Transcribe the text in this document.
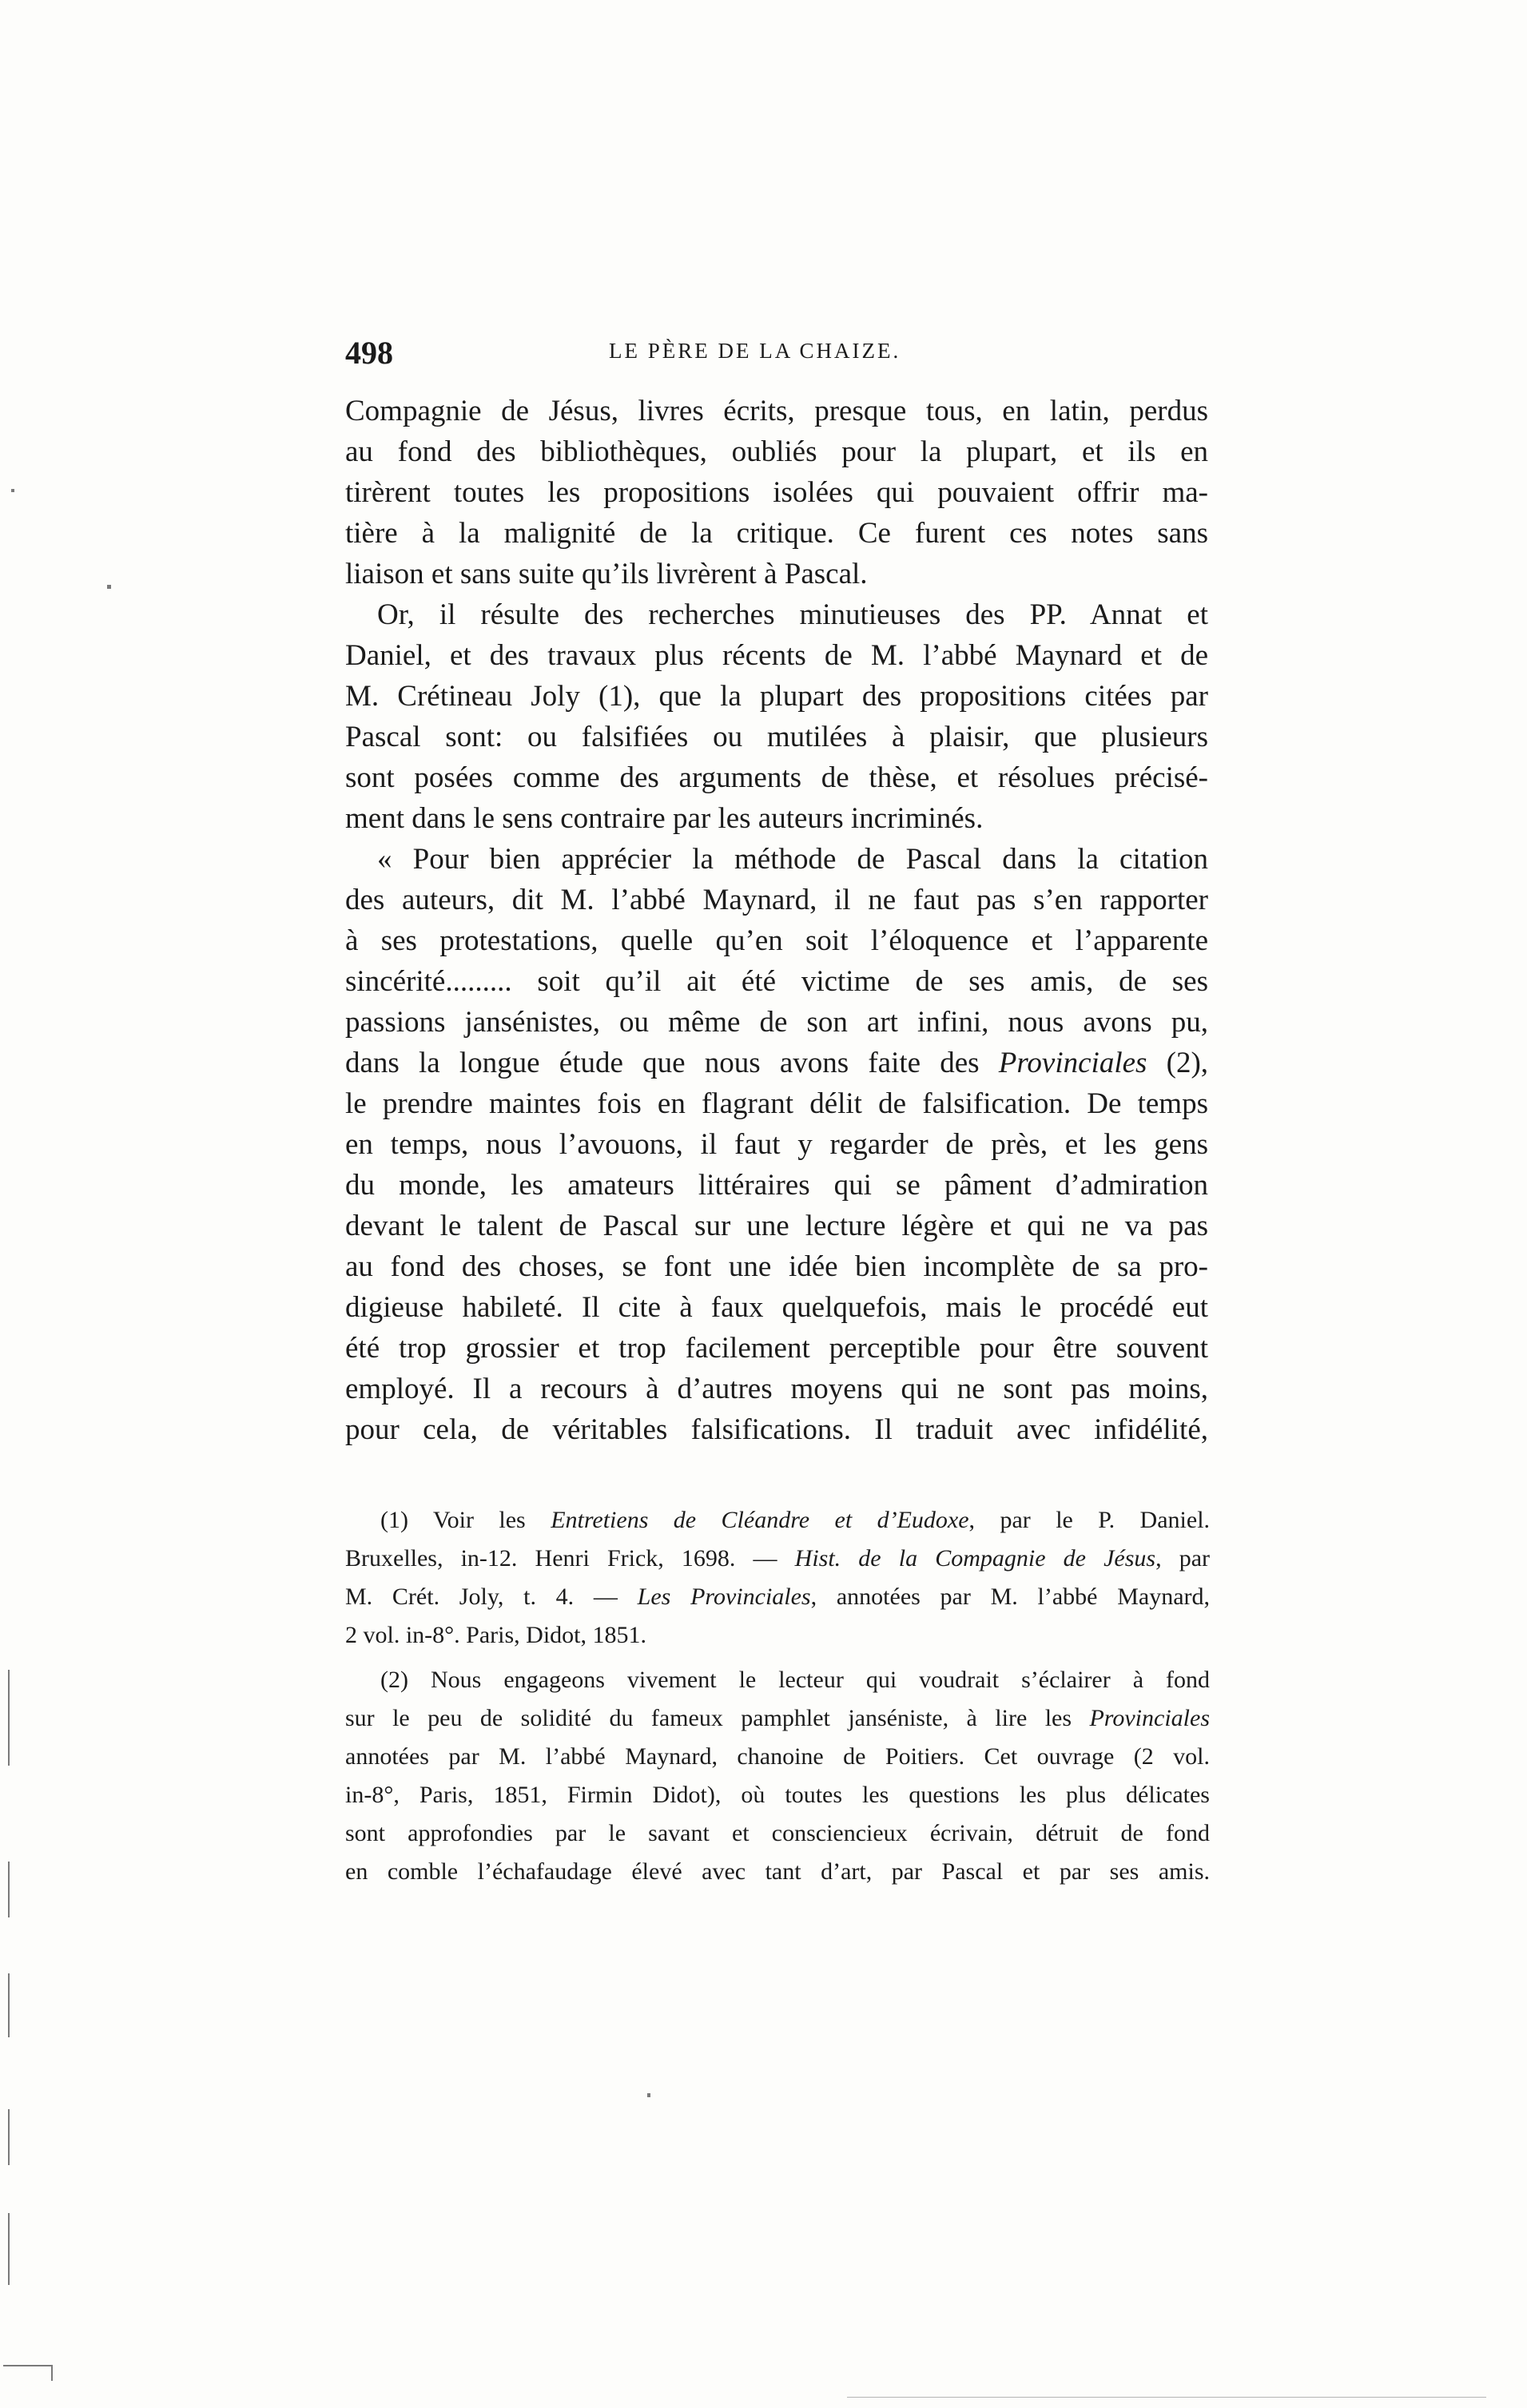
498	LE PÈRE DE LA CHAIZE.
Compagnie de Jésus, livres écrits, presque tous, en latin, perdus
au fond des bibliothèques, oubliés pour la plupart, et ils en
tirèrent toutes les propositions isolées qui pouvaient offrir ma-
tière à la malignité de la critique. Ce furent ces notes sans
liaison et sans suite qu’ils livrèrent à Pascal.
Or, il résulte des recherches minutieuses des PP. Annat et
Daniel, et des travaux plus récents de M. l’abbé Maynard et de
M. Crétineau Joly (1), que la plupart des propositions citées par
Pascal sont: ou falsifiées ou mutilées à plaisir, que plusieurs
sont posées comme des arguments de thèse, et résolues précisé-
ment dans le sens contraire par les auteurs incriminés.
« Pour bien apprécier la méthode de Pascal dans la citation
des auteurs, dit M. l’abbé Maynard, il ne faut pas s’en rapporter
à ses protestations, quelle qu’en soit l’éloquence et l’apparente
sincérité......... soit qu’il ait été victime de ses amis, de ses
passions jansénistes, ou même de son art infini, nous avons pu,
dans la longue étude que nous avons faite des Provinciales (2),
le prendre maintes fois en flagrant délit de falsification. De temps
en temps, nous l’avouons, il faut y regarder de près, et les gens
du monde, les amateurs littéraires qui se pâment d’admiration
devant le talent de Pascal sur une lecture légère et qui ne va pas
au fond des choses, se font une idée bien incomplète de sa pro-
digieuse habileté. Il cite à faux quelquefois, mais le procédé eut
été trop grossier et trop facilement perceptible pour être souvent
employé. Il a recours à d’autres moyens qui ne sont pas moins,
pour cela, de véritables falsifications. Il traduit avec infidélité,
(1) Voir les Entretiens de Cléandre et d’Eudoxe, par le P. Daniel.
Bruxelles, in-12. Henri Frick, 1698. — Hist. de la Compagnie de Jésus, par
M. Crét. Joly, t. 4. — Les Provinciales, annotées par M. l’abbé Maynard,
2 vol. in-8°. Paris, Didot, 1851.
(2) Nous engageons vivement le lecteur qui voudrait s’éclairer à fond
sur le peu de solidité du fameux pamphlet janséniste, à lire les Provinciales
annotées par M. l’abbé Maynard, chanoine de Poitiers. Cet ouvrage (2 vol.
in-8°, Paris, 1851, Firmin Didot), où toutes les questions les plus délicates
sont approfondies par le savant et consciencieux écrivain, détruit de fond
en comble l’échafaudage élevé avec tant d’art, par Pascal et par ses amis.
